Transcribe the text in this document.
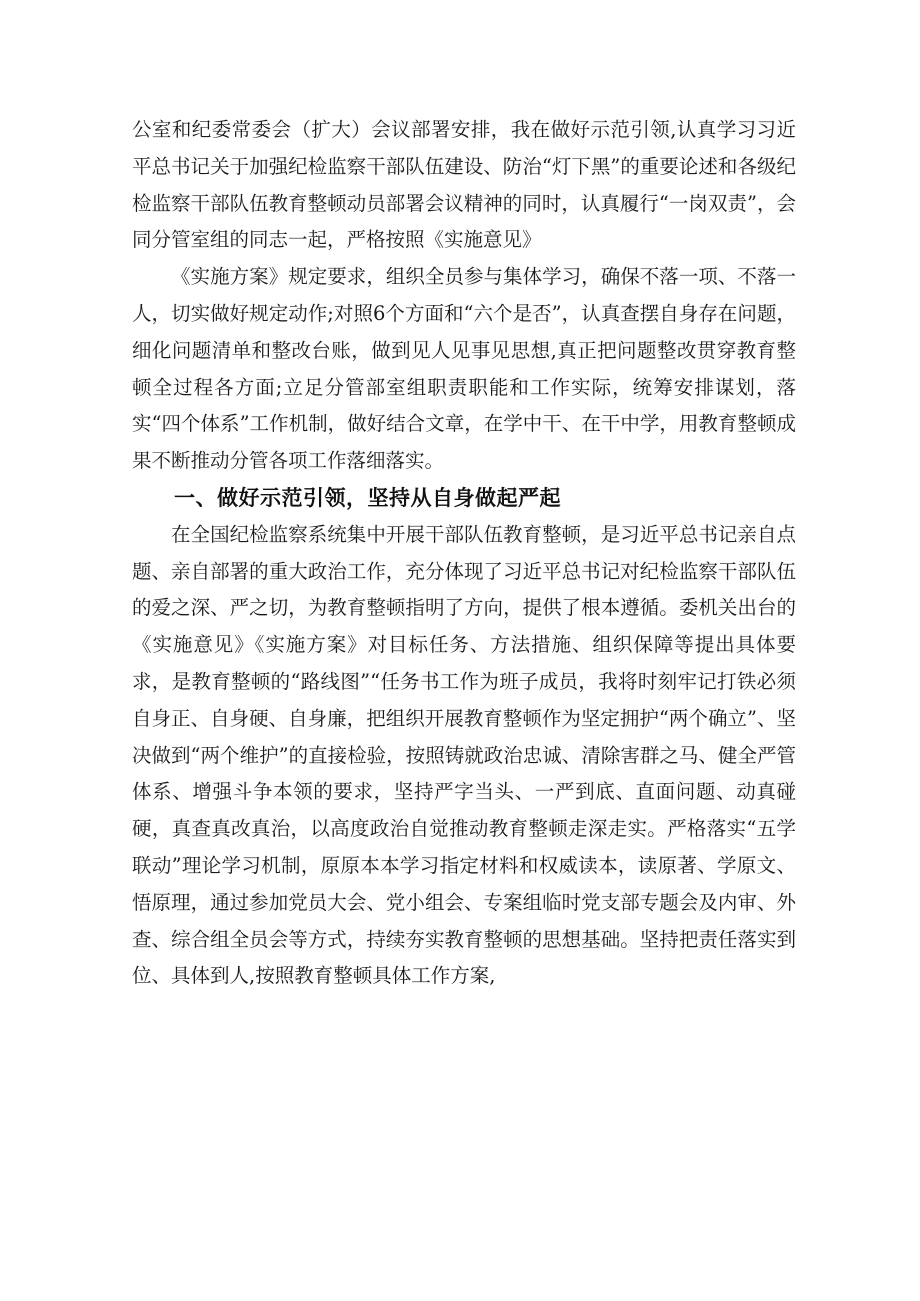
公室和纪委常委会（扩大）会议部署安排，我在做好示范引领,认真学习习近平总书记关于加强纪检监察干部队伍建设、防治“灯下黑”的重要论述和各级纪检监察干部队伍教育整顿动员部署会议精神的同时，认真履行“一岗双责”，会同分管室组的同志一起，严格按照《实施意见》

《实施方案》规定要求，组织全员参与集体学习，确保不落一项、不落一人，切实做好规定动作;对照6个方面和“六个是否”，认真查摆自身存在问题，细化问题清单和整改台账，做到见人见事见思想,真正把问题整改贯穿教育整顿全过程各方面;立足分管部室组职责职能和工作实际，统筹安排谋划，落实“四个体系”工作机制，做好结合文章，在学中干、在干中学，用教育整顿成果不断推动分管各项工作落细落实。

一、做好示范引领，坚持从自身做起严起

在全国纪检监察系统集中开展干部队伍教育整顿，是习近平总书记亲自点题、亲自部署的重大政治工作，充分体现了习近平总书记对纪检监察干部队伍的爱之深、严之切，为教育整顿指明了方向，提供了根本遵循。委机关出台的《实施意见》《实施方案》对目标任务、方法措施、组织保障等提出具体要求，是教育整顿的“路线图”“任务书工作为班子成员，我将时刻牢记打铁必须自身正、自身硬、自身廉，把组织开展教育整顿作为坚定拥护“两个确立”、坚决做到“两个维护”的直接检验，按照铸就政治忠诚、清除害群之马、健全严管体系、增强斗争本领的要求，坚持严字当头、一严到底、直面问题、动真碰硬，真查真改真治，以高度政治自觉推动教育整顿走深走实。严格落实“五学联动”理论学习机制，原原本本学习指定材料和权威读本，读原著、学原文、悟原理，通过参加党员大会、党小组会、专案组临时党支部专题会及内审、外查、综合组全员会等方式，持续夯实教育整顿的思想基础。坚持把责任落实到位、具体到人,按照教育整顿具体工作方案,
